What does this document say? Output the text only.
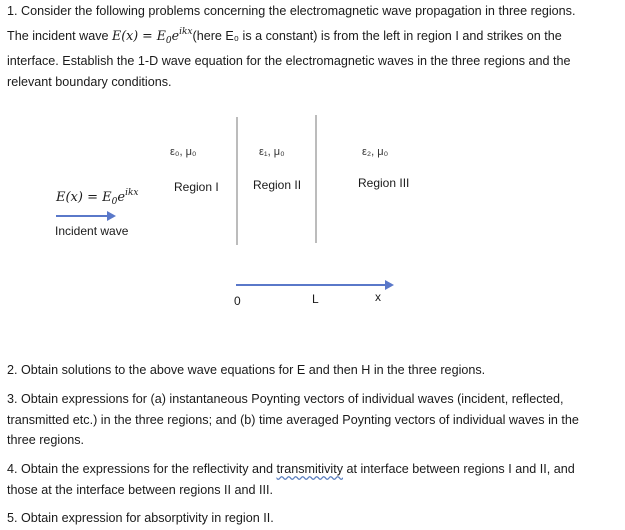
1. Consider the following problems concerning the electromagnetic wave propagation in three regions.
The incident wave $E(x) = E_0e^{ikx}(here$ E₀ is a constant) is from the left in region I and strikes on the
interface. Establish the 1-D wave equation for the electromagnetic waves in the three regions and the
relevant boundary conditions.
ε₀, μ₀	ε₁, μ₀	ε₂, μ₀
Region I	Region II	Region III
$E(x) = E_0e^{ikx}$
Incident wave
0	L	x
2. Obtain solutions to the above wave equations for E and then H in the three regions.
3. Obtain expressions for (a) instantaneous Poynting vectors of individual waves (incident, reflected,
transmitted etc.) in the three regions; and (b) time averaged Poynting vectors of individual waves in the
three regions.
4. Obtain the expressions for the reflectivity and transmitivity at interface between regions I and II, and
those at the interface between regions II and III.
5. Obtain expression for absorptivity in region II.
